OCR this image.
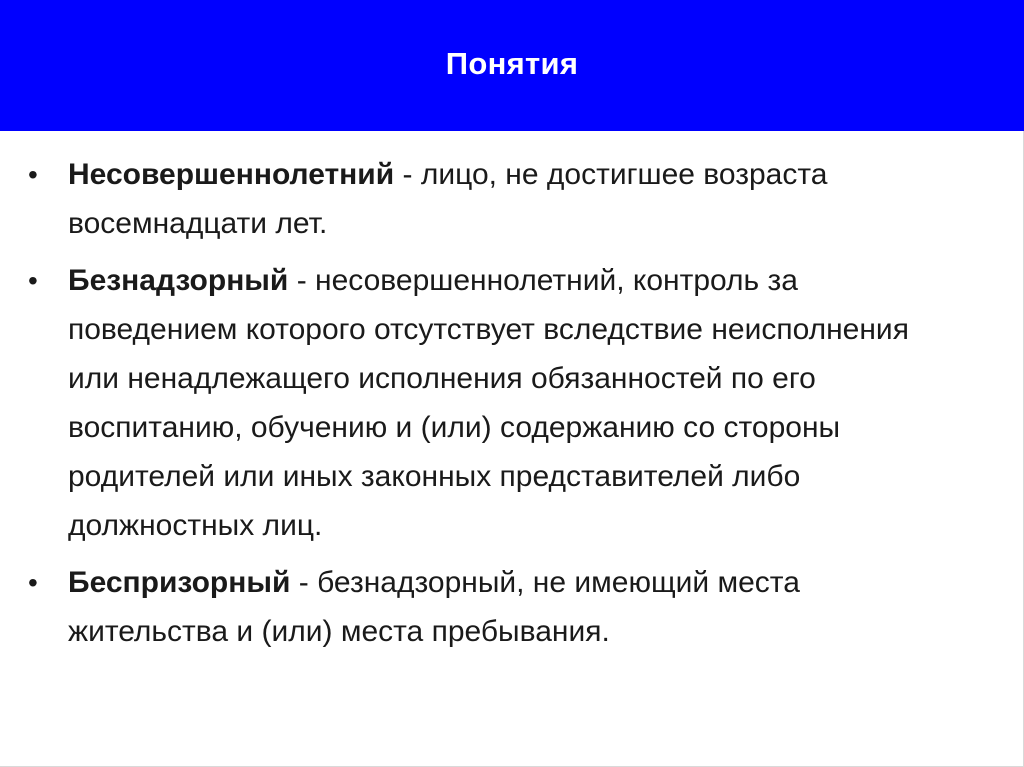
Понятия
•	Несовершеннолетний - лицо, не достигшее возраста восемнадцати лет.
•	Безнадзорный - несовершеннолетний, контроль за поведением которого отсутствует вследствие неисполнения или ненадлежащего исполнения обязанностей по его воспитанию, обучению и (или) содержанию со стороны родителей или иных законных представителей либо должностных лиц.
•	Беспризорный - безнадзорный, не имеющий места жительства и (или) места пребывания.
